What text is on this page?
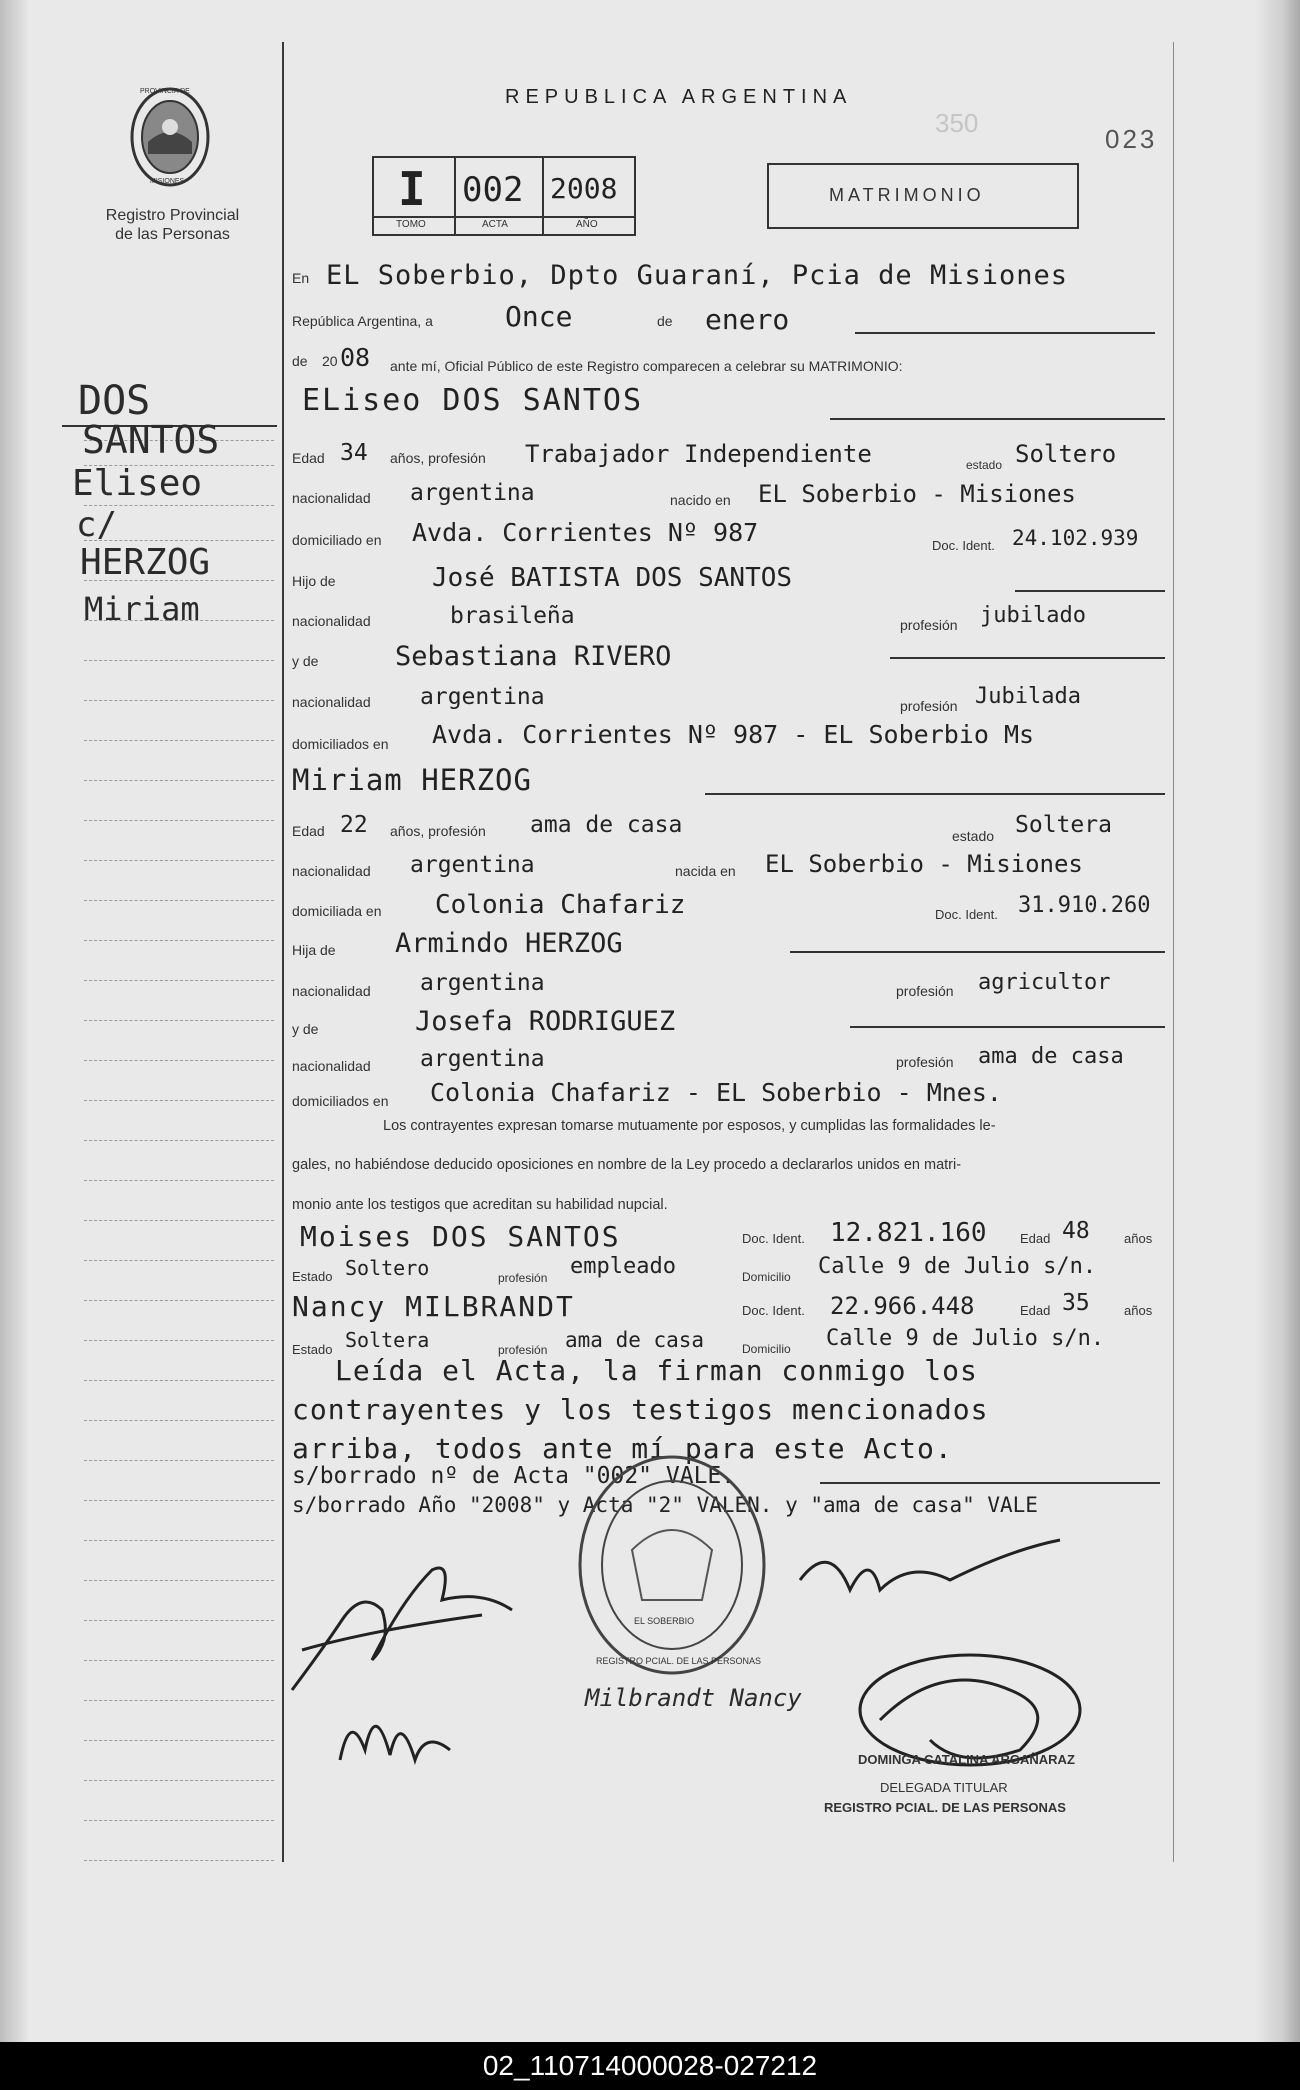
PROVINCIA DE
MISIONES
Registro Provincial
de las Personas
REPUBLICA ARGENTINA
023
350
I 002 2008
TOMO	ACTA	AÑO
MATRIMONIO
En EL Soberbio, Dpto Guaraní, Pcia de Misiones
República Argentina, a	Once	de enero
de 20 08 ante mí, Oficial Público de este Registro comparecen a celebrar su MATRIMONIO:
DOS
SANTOS
Eliseo
c/
HERZOG
Miriam
ELiseo DOS SANTOS
Edad 34 años, profesión Trabajador Independiente	estado Soltero
nacionalidad argentina	nacido en EL Soberbio - Misiones
domiciliado en Avda. Corrientes Nº 987	Doc. Ident. 24.102.939
Hijo de	José BATISTA DOS SANTOS
nacionalidad	brasileña	profesión jubilado
y de	Sebastiana RIVERO
nacionalidad argentina	profesión Jubilada
domiciliados en Avda. Corrientes Nº 987 - EL Soberbio Ms
Miriam HERZOG
Edad 22 años, profesión ama de casa	estado Soltera
nacionalidad argentina	nacida en EL Soberbio - Misiones
domiciliada en Colonia Chafariz	Doc. Ident. 31.910.260
Hija de Armindo HERZOG
nacionalidad argentina	profesión agricultor
y de	Josefa RODRIGUEZ
nacionalidad argentina	profesión ama de casa
domiciliados en Colonia Chafariz - EL Soberbio - Mnes.
Los contrayentes expresan tomarse mutuamente por esposos, y cumplidas las formalidades le-
gales, no habiéndose deducido oposiciones en nombre de la Ley procedo a declararlos unidos en matri-
monio ante los testigos que acreditan su habilidad nupcial.
Moises DOS SANTOS	Doc. Ident. 12.821.160	Edad 48	años
Estado Soltero	profesión empleado	Domicilio Calle 9 de Julio s/n.
Nancy MILBRANDT	Doc. Ident. 22.966.448	Edad 35	años
Estado Soltera	profesión ama de casa	Domicilio Calle 9 de Julio s/n.
Leída el Acta, la firman conmigo los
contrayentes y los testigos mencionados
arriba, todos ante mí para este Acto.
s/borrado nº de Acta "002" VALE.
s/borrado Año "2008" y Acta "2" VALEN. y "ama de casa" VALE
REGISTRO PCIAL. DE LAS PERSONAS
EL SOBERBIO
Milbrandt Nancy
DOMINGA CATALINA ARGAÑARAZ
DELEGADA TITULAR
REGISTRO PCIAL. DE LAS PERSONAS
02_110714000028-027212
